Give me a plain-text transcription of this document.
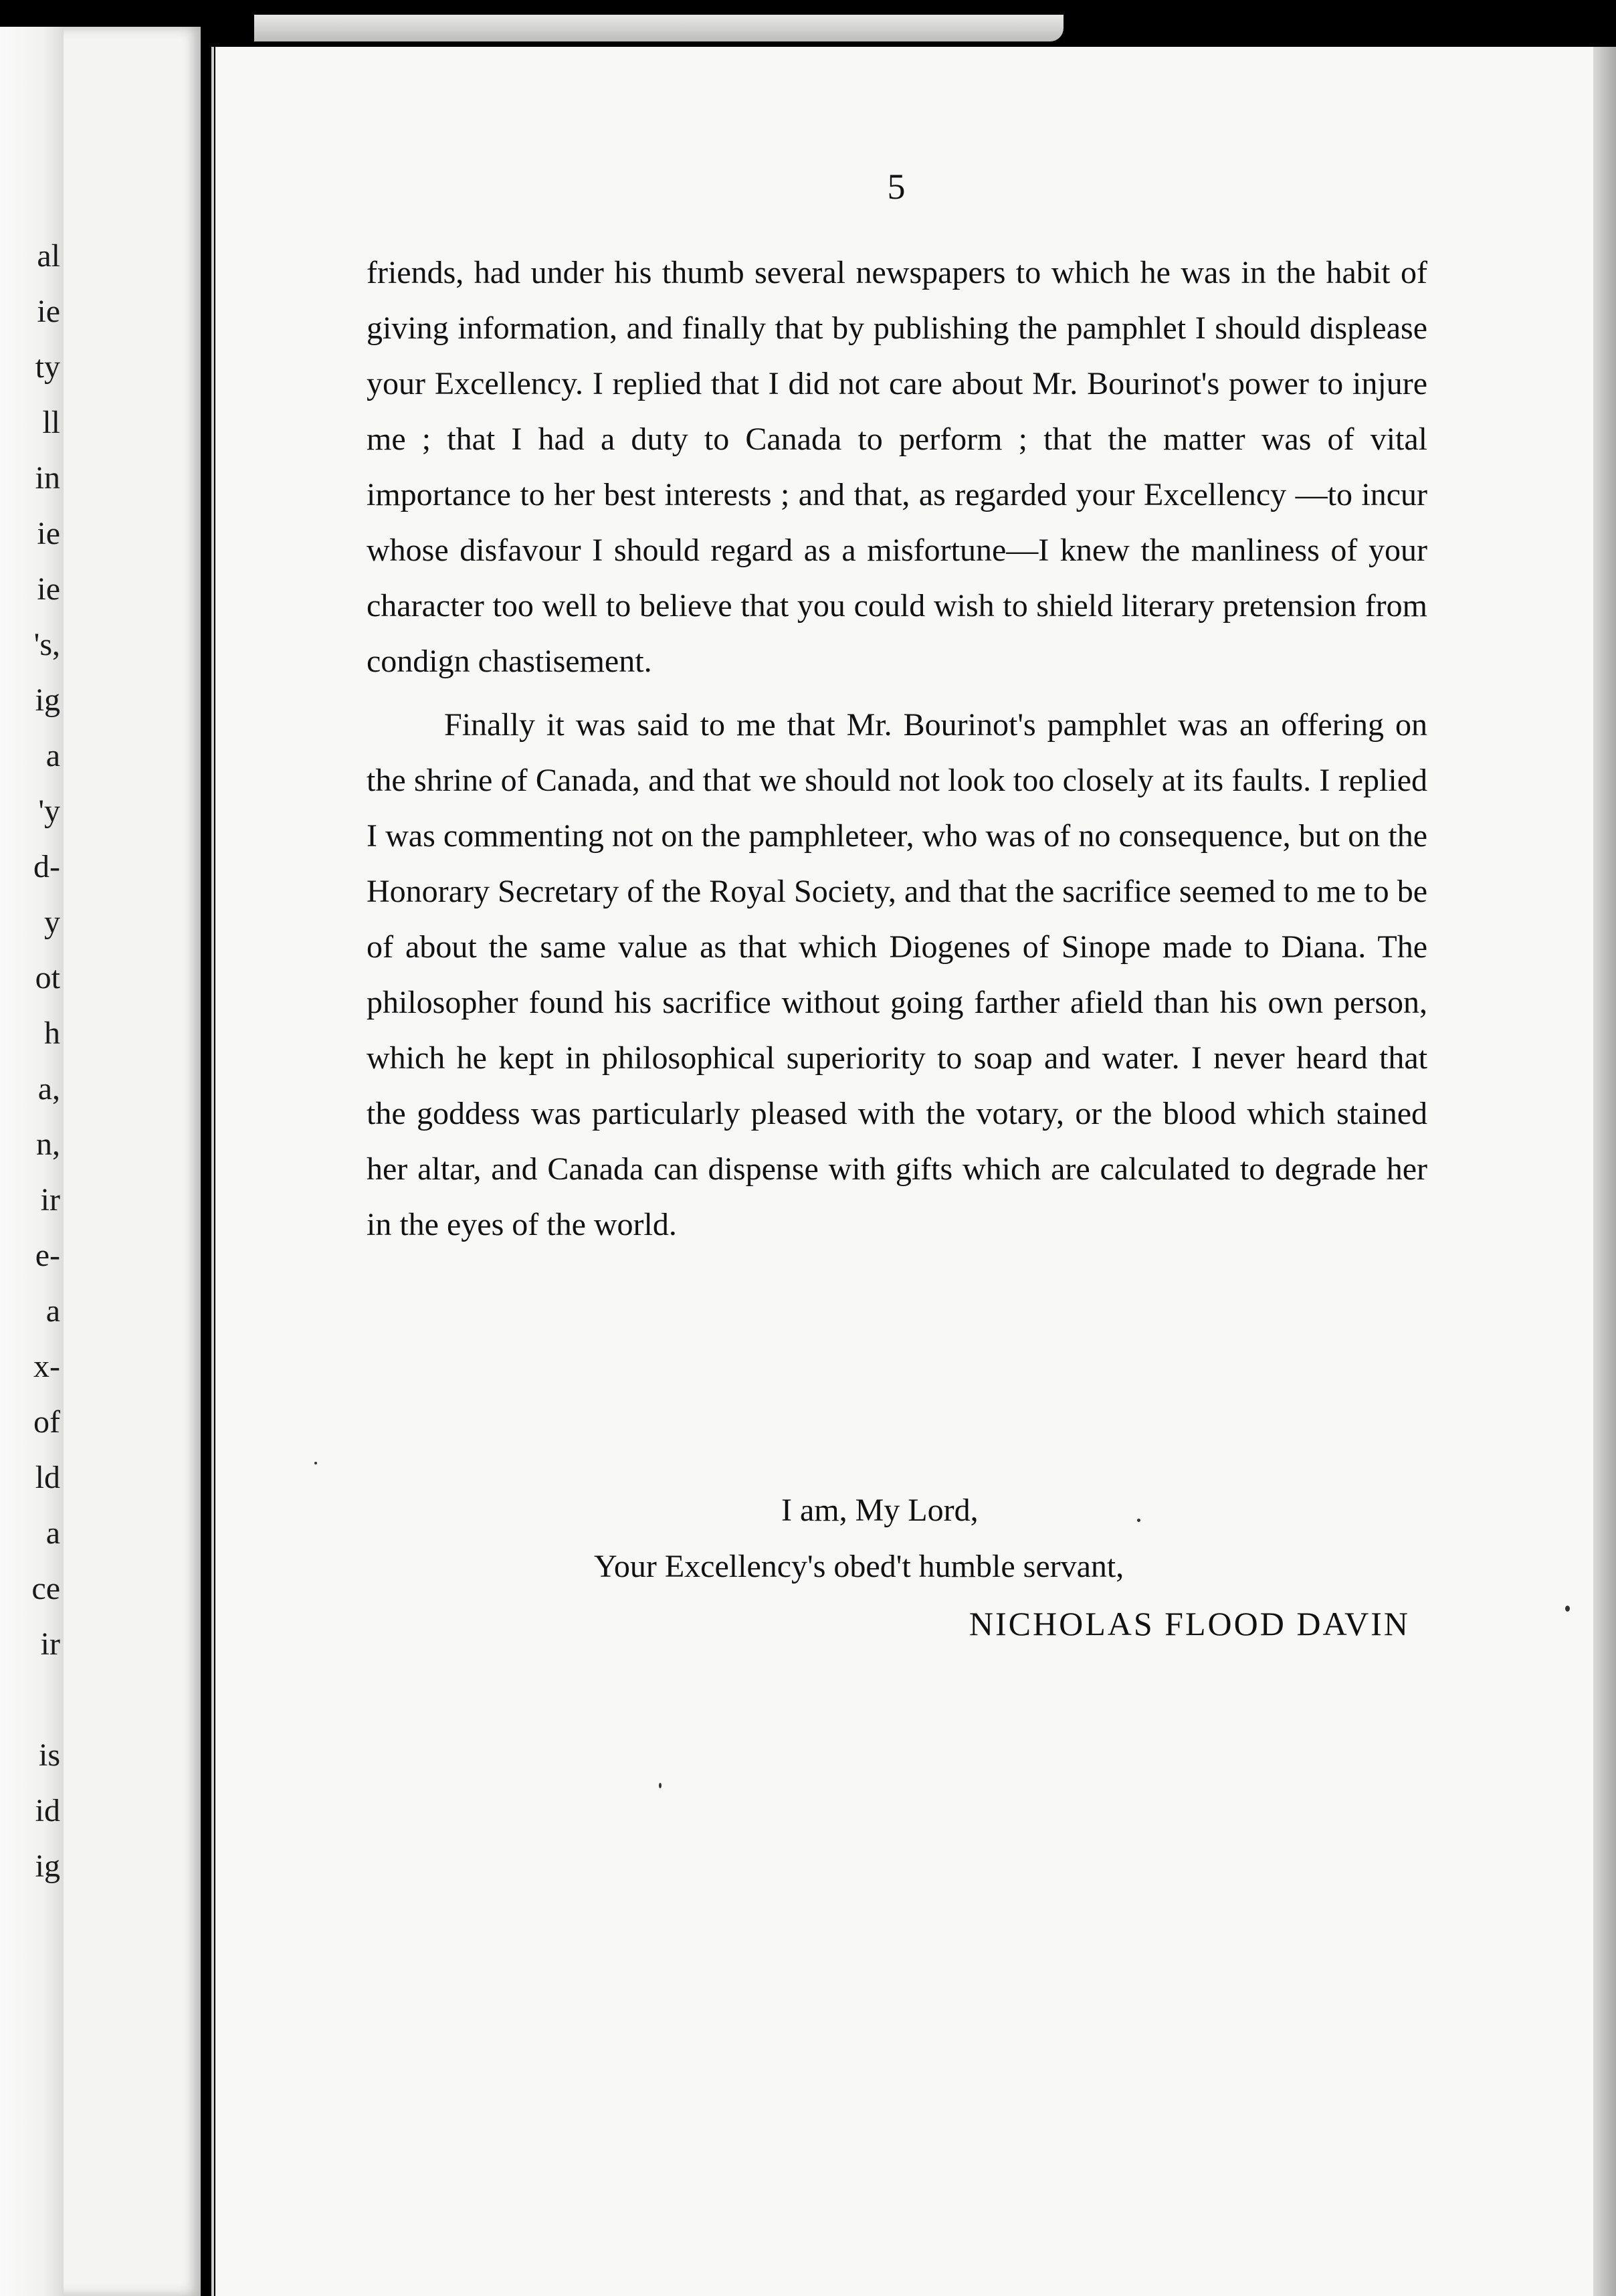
al
ie
ty
ll
in
ie
ie
's,
ig
a
'y
d-
y
ot
h
a,
n,
ir
e-
a
x-
of
ld
a
ce
ir
is
id
ig

5

friends, had under his thumb several newspapers to which he was in the habit of giving information, and finally that by publishing the pamphlet I should displease your Excellency. I replied that I did not care about Mr. Bourinot's power to injure me ; that I had a duty to Canada to perform ; that the matter was of vital importance to her best interests ; and that, as regarded your Excellency —to incur whose disfavour I should regard as a misfortune—I knew the manliness of your character too well to believe that you could wish to shield literary pretension from condign chastisement.

Finally it was said to me that Mr. Bourinot's pamphlet was an offering on the shrine of Canada, and that we should not look too closely at its faults. I replied I was commenting not on the pamphleteer, who was of no consequence, but on the Honorary Secretary of the Royal Society, and that the sacrifice seemed to me to be of about the same value as that which Diogenes of Sinope made to Diana. The philosopher found his sacrifice without going farther afield than his own person, which he kept in philosophical superiority to soap and water. I never heard that the goddess was particularly pleased with the votary, or the blood which stained her altar, and Canada can dispense with gifts which are calculated to degrade her in the eyes of the world.

I am, My Lord,
Your Excellency's obed't humble servant,
NICHOLAS FLOOD DAVIN
